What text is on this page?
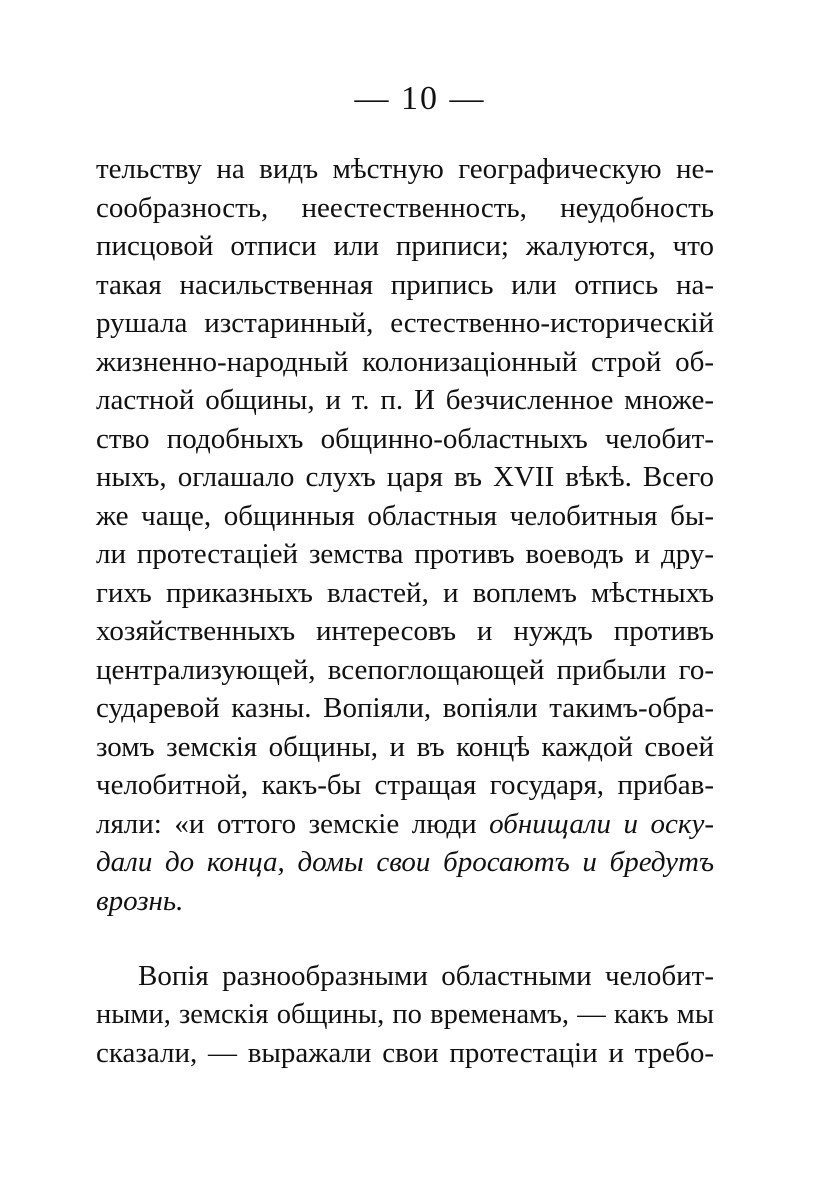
— 10 —
тельству на видъ мѣстную географическую не-
сообразность, неестественность, неудобность
писцовой отписи или приписи; жалуются, что
такая насильственная припись или отпись на-
рушала изстаринный, естественно-историческій
жизненно-народный колонизаціонный строй об-
ластной общины, и т. п. И безчисленное множе-
ство подобныхъ общинно-областныхъ челобит-
ныхъ, оглашало слухъ царя въ XVII вѣкѣ. Всего
же чаще, общинныя областныя челобитныя бы-
ли протестаціей земства противъ воеводъ и дру-
гихъ приказныхъ властей, и воплемъ мѣстныхъ
хозяйственныхъ интересовъ и нуждъ противъ
централизующей, всепоглощающей прибыли го-
сударевой казны. Вопіяли, вопіяли такимъ-обра-
зомъ земскія общины, и въ концѣ каждой своей
челобитной, какъ-бы стращая государя, прибав-
ляли: «и оттого земскіе люди обнищали и оску-
дали до конца, домы свои бросаютъ и бредутъ
врознь.
Вопія разнообразными областными челобит-
ными, земскія общины, по временамъ, — какъ мы
сказали, — выражали свои протестаціи и требо-
